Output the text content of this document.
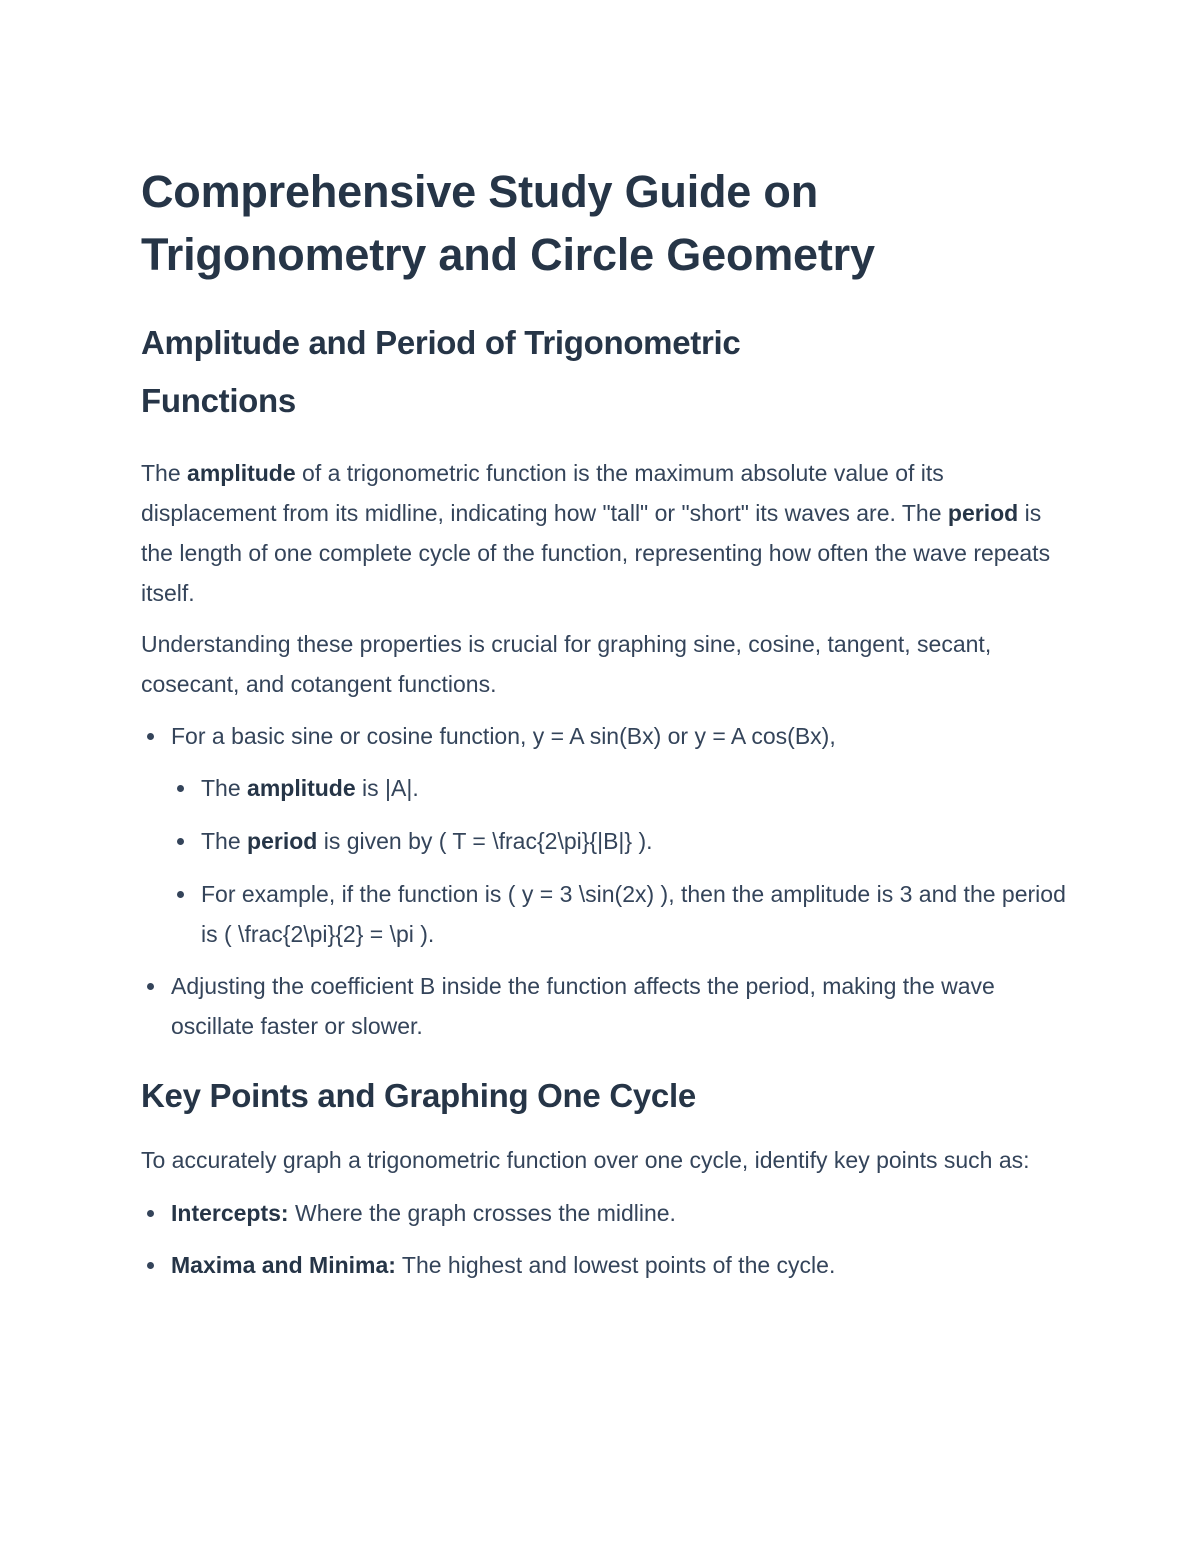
Comprehensive Study Guide on
Trigonometry and Circle Geometry
Amplitude and Period of Trigonometric
Functions

The amplitude of a trigonometric function is the maximum absolute value of its displacement from its midline, indicating how "tall" or "short" its waves are. The period is the length of one complete cycle of the function, representing how often the wave repeats itself.

Understanding these properties is crucial for graphing sine, cosine, tangent, secant, cosecant, and cotangent functions.

For a basic sine or cosine function, y = A sin(Bx) or y = A cos(Bx),
The amplitude is |A|.
The period is given by ( T = \frac{2\pi}{|B|} ).
For example, if the function is ( y = 3 \sin(2x) ), then the amplitude is 3 and the period is ( \frac{2\pi}{2} = \pi ).
Adjusting the coefficient B inside the function affects the period, making the wave oscillate faster or slower.
Key Points and Graphing One Cycle

To accurately graph a trigonometric function over one cycle, identify key points such as:

Intercepts: Where the graph crosses the midline.
Maxima and Minima: The highest and lowest points of the cycle.
